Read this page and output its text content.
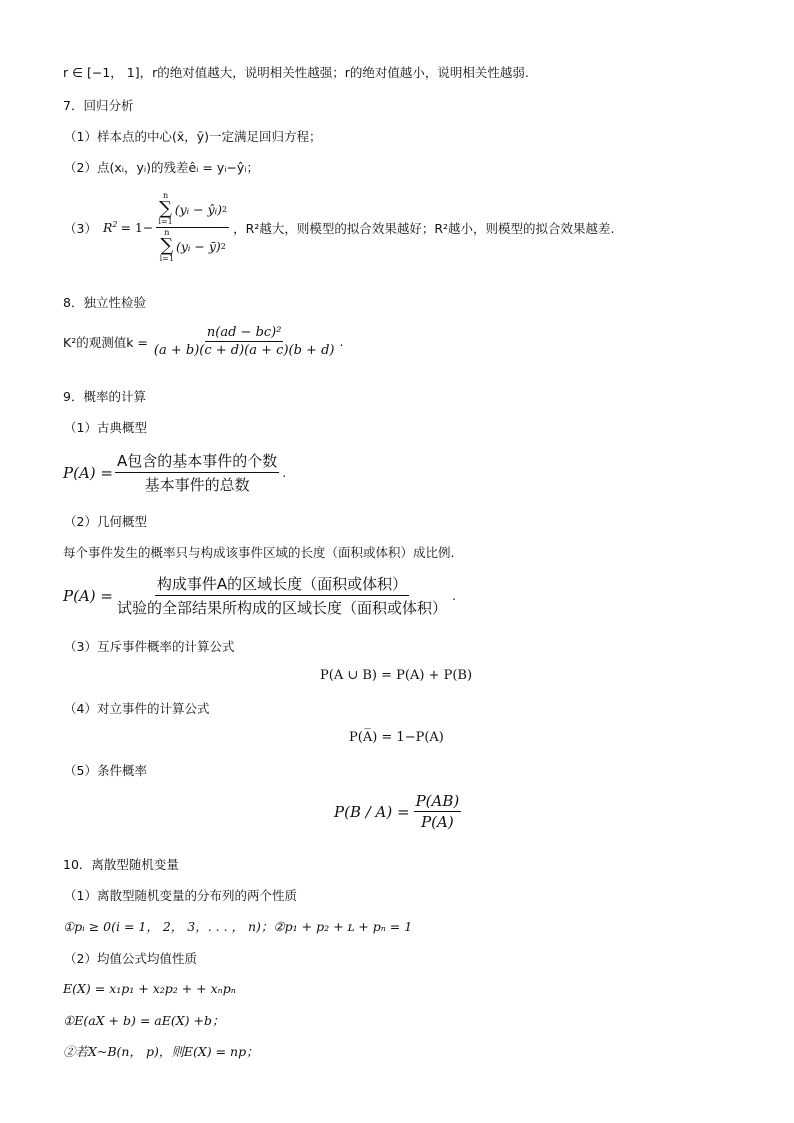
r ∈ [−1， 1]，r的绝对值越大，说明相关性越强；r的绝对值越小，说明相关性越弱.
7．回归分析
（1）样本点的中心(x̄，ȳ)一定满足回归方程；
（2）点(xᵢ，yᵢ)的残差êᵢ = yᵢ−ŷᵢ；
（3） $R^2 = 1- n$
∑
i=1
(yᵢ − ŷᵢ) 2
n
∑
i=1
(yᵢ − ȳ) 2 ，R²越大，则模型的拟合效果越好；R²越小，则模型的拟合效果越差.
8．独立性检验
K²的观测值$k = \frac{\text{n(ad − bc)²}}{(a + b)(c + d)(a + c)(b + d)}$ .
9．概率的计算
（1）古典概型
$P(A) = \frac{\text{A包含的基本事件的个数}}{\text{基本事件的总数}}$ .
（2）几何概型
每个事件发生的概率只与构成该事件区域的长度（面积或体积）成比例.
$P(A) = \frac{\text{构成事件A的区域长度（面积或体积）}}{\text{试验的全部结果所构成的区域长度（面积或体积）}}$ .
（3）互斥事件概率的计算公式
P(A ∪ B) = P(A) + P(B)
（4）对立事件的计算公式
P(A̅) = 1−P(A)
（5）条件概率
$P(B / A) = \frac{P(AB)}{P(A)}$
10．离散型随机变量
（1）离散型随机变量的分布列的两个性质
①pᵢ ≥ 0(i = 1， 2， 3，. . . ， n)；②p₁ + p₂ + ʟ + pₙ = 1
（2）均值公式均值性质
E(X) = x₁p₁ + x₂p₂ + + xₙpₙ
①E(aX + b) = aE(X) +b；
②若X~B(n， p)，则E(X) = np；
